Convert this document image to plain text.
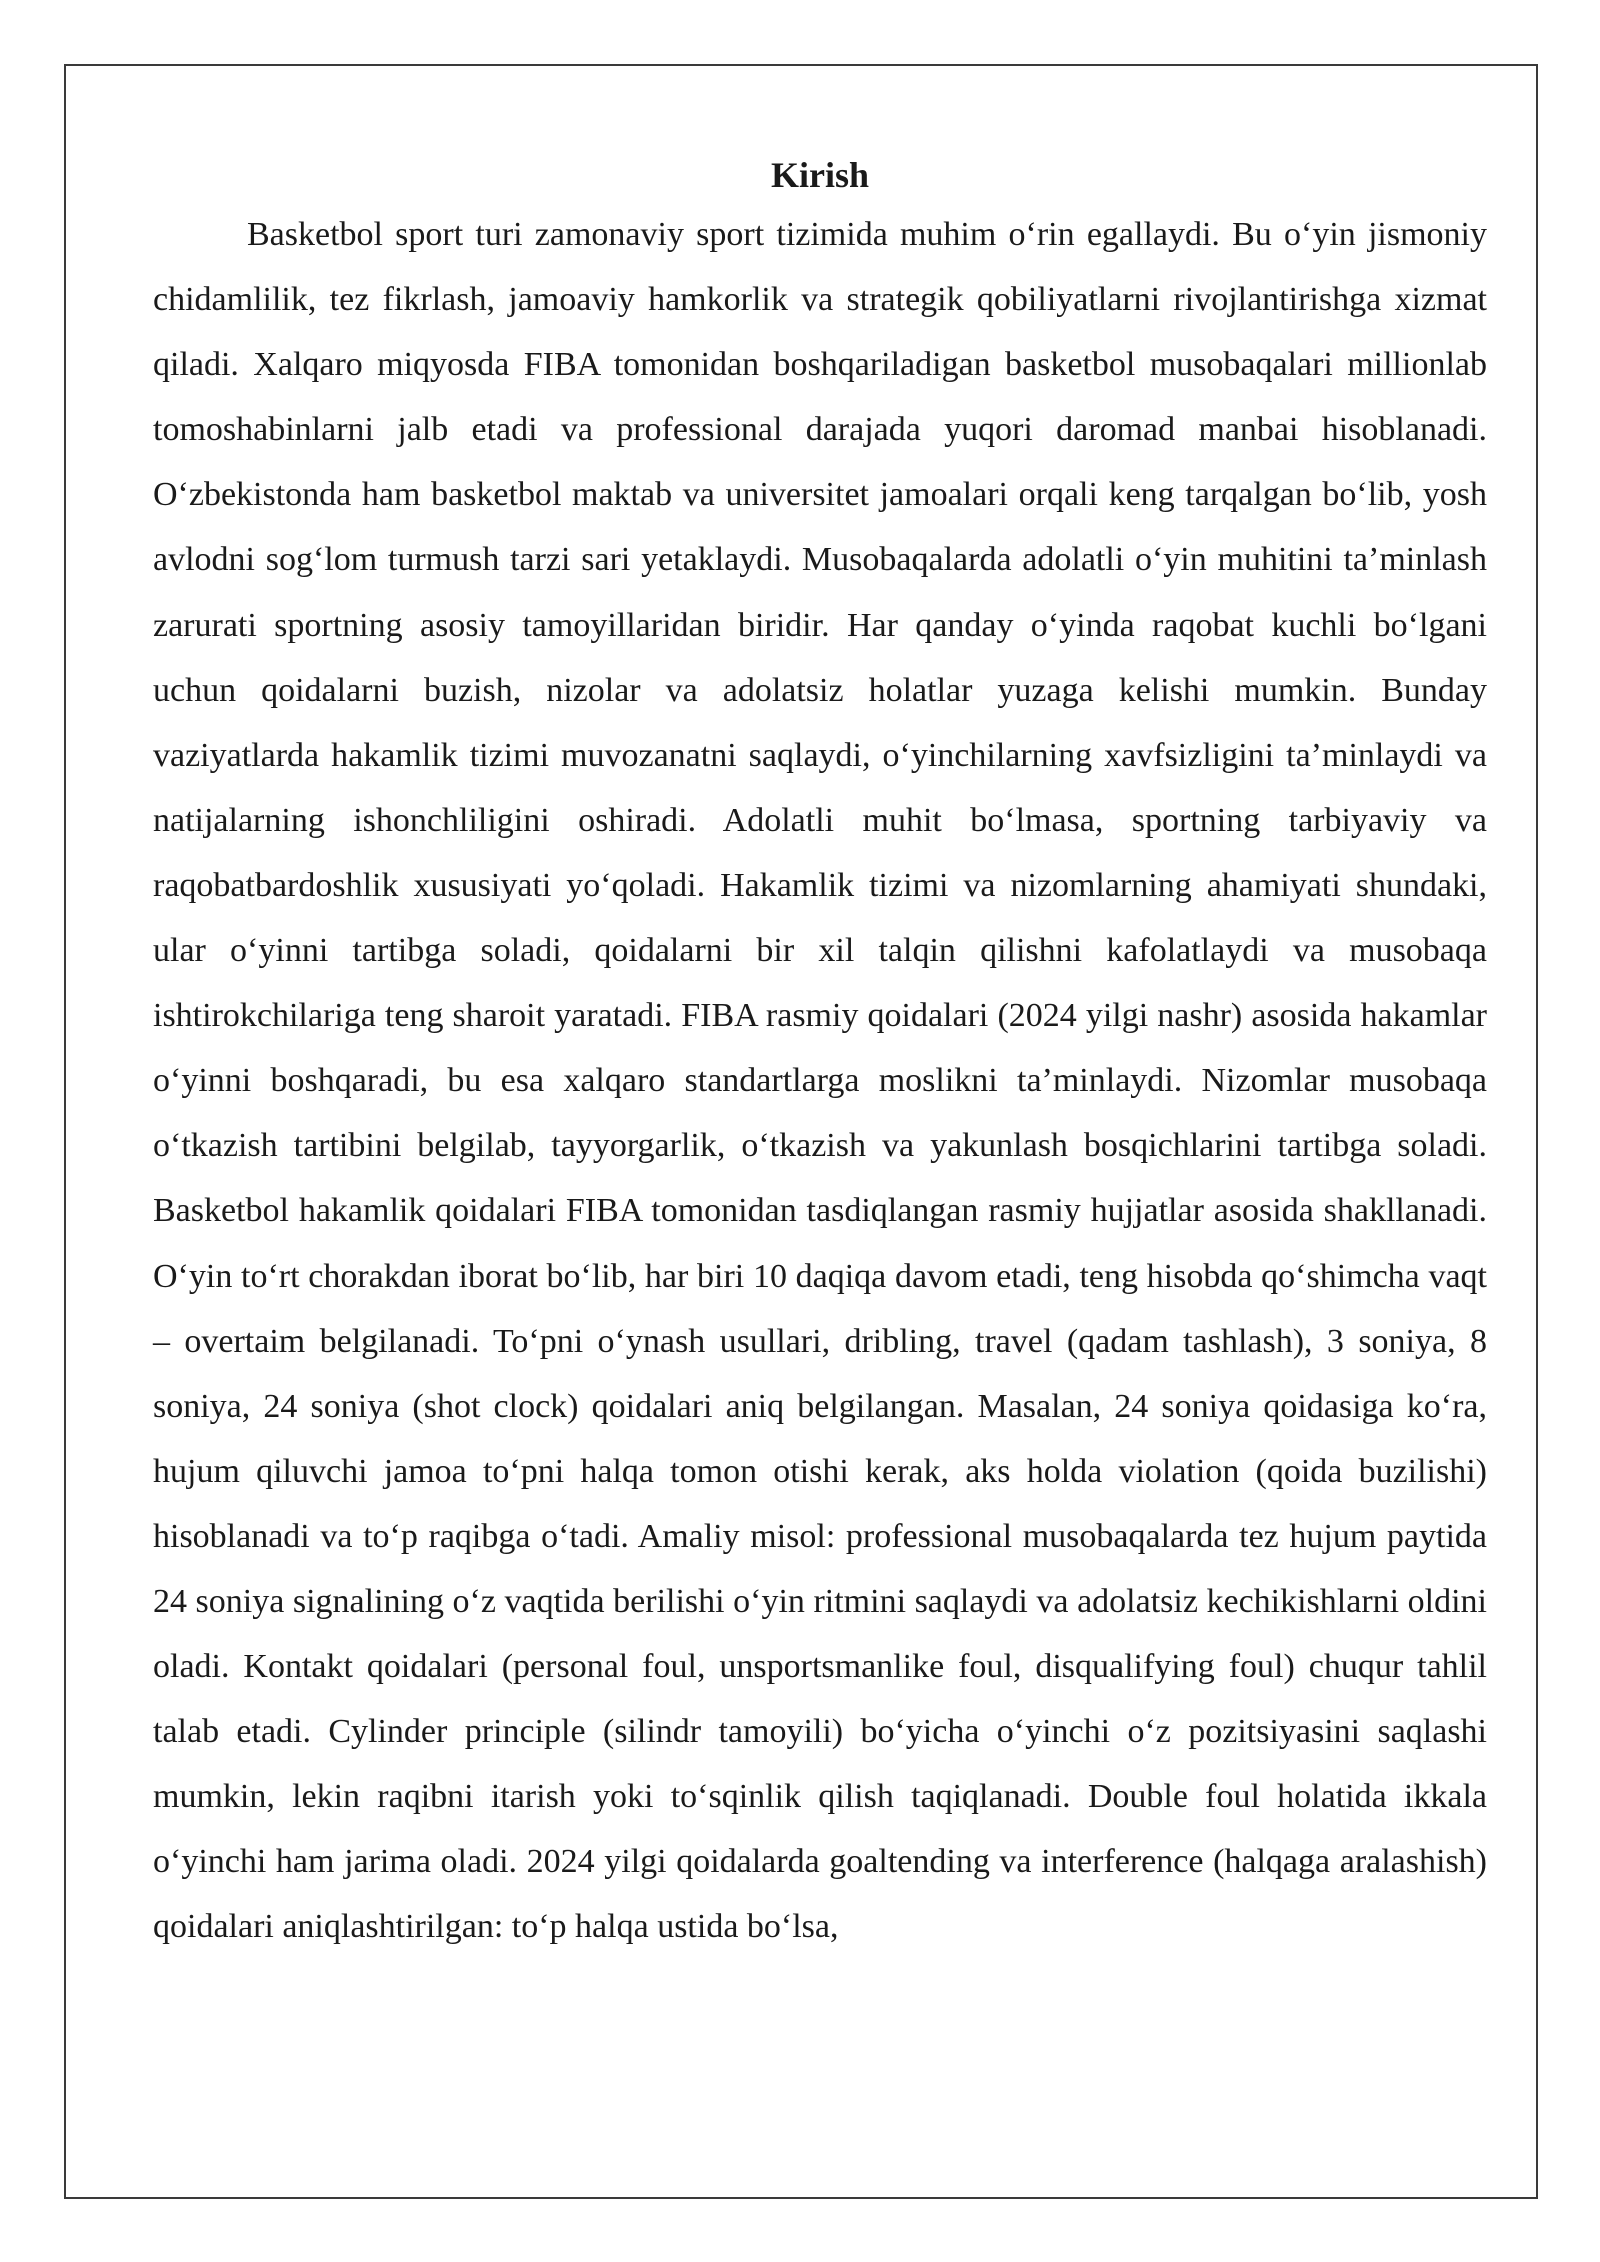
Kirish

Basketbol sport turi zamonaviy sport tizimida muhim o‘rin egallaydi. Bu o‘yin jismoniy chidamlilik, tez fikrlash, jamoaviy hamkorlik va strategik qobiliyatlarni rivojlantirishga xizmat qiladi. Xalqaro miqyosda FIBA tomonidan boshqariladigan basketbol musobaqalari millionlab tomoshabinlarni jalb etadi va professional darajada yuqori daromad manbai hisoblanadi. O‘zbekistonda ham basketbol maktab va universitet jamoalari orqali keng tarqalgan bo‘lib, yosh avlodni sog‘lom turmush tarzi sari yetaklaydi. Musobaqalarda adolatli o‘yin muhitini ta’minlash zarurati sportning asosiy tamoyillaridan biridir. Har qanday o‘yinda raqobat kuchli bo‘lgani uchun qoidalarni buzish, nizolar va adolatsiz holatlar yuzaga kelishi mumkin. Bunday vaziyatlarda hakamlik tizimi muvozanatni saqlaydi, o‘yinchilarning xavfsizligini ta’minlaydi va natijalarning ishonchliligini oshiradi. Adolatli muhit bo‘lmasa, sportning tarbiyaviy va raqobatbardoshlik xususiyati yo‘qoladi. Hakamlik tizimi va nizomlarning ahamiyati shundaki, ular o‘yinni tartibga soladi, qoidalarni bir xil talqin qilishni kafolatlaydi va musobaqa ishtirokchilariga teng sharoit yaratadi. FIBA rasmiy qoidalari (2024 yilgi nashr) asosida hakamlar o‘yinni boshqaradi, bu esa xalqaro standartlarga moslikni ta’minlaydi. Nizomlar musobaqa o‘tkazish tartibini belgilab, tayyorgarlik, o‘tkazish va yakunlash bosqichlarini tartibga soladi. Basketbol hakamlik qoidalari FIBA tomonidan tasdiqlangan rasmiy hujjatlar asosida shakllanadi. O‘yin to‘rt chorakdan iborat bo‘lib, har biri 10 daqiqa davom etadi, teng hisobda qo‘shimcha vaqt – overtaim belgilanadi. To‘pni o‘ynash usullari, dribling, travel (qadam tashlash), 3 soniya, 8 soniya, 24 soniya (shot clock) qoidalari aniq belgilangan. Masalan, 24 soniya qoidasiga ko‘ra, hujum qiluvchi jamoa to‘pni halqa tomon otishi kerak, aks holda violation (qoida buzilishi) hisoblanadi va to‘p raqibga o‘tadi. Amaliy misol: professional musobaqalarda tez hujum paytida 24 soniya signalining o‘z vaqtida berilishi o‘yin ritmini saqlaydi va adolatsiz kechikishlarni oldini oladi. Kontakt qoidalari (personal foul, unsportsmanlike foul, disqualifying foul) chuqur tahlil talab etadi. Cylinder principle (silindr tamoyili) bo‘yicha o‘yinchi o‘z pozitsiyasini saqlashi mumkin, lekin raqibni itarish yoki to‘sqinlik qilish taqiqlanadi. Double foul holatida ikkala o‘yinchi ham jarima oladi. 2024 yilgi qoidalarda goaltending va interference (halqaga aralashish) qoidalari aniqlashtirilgan: to‘p halqa ustida bo‘lsa,
